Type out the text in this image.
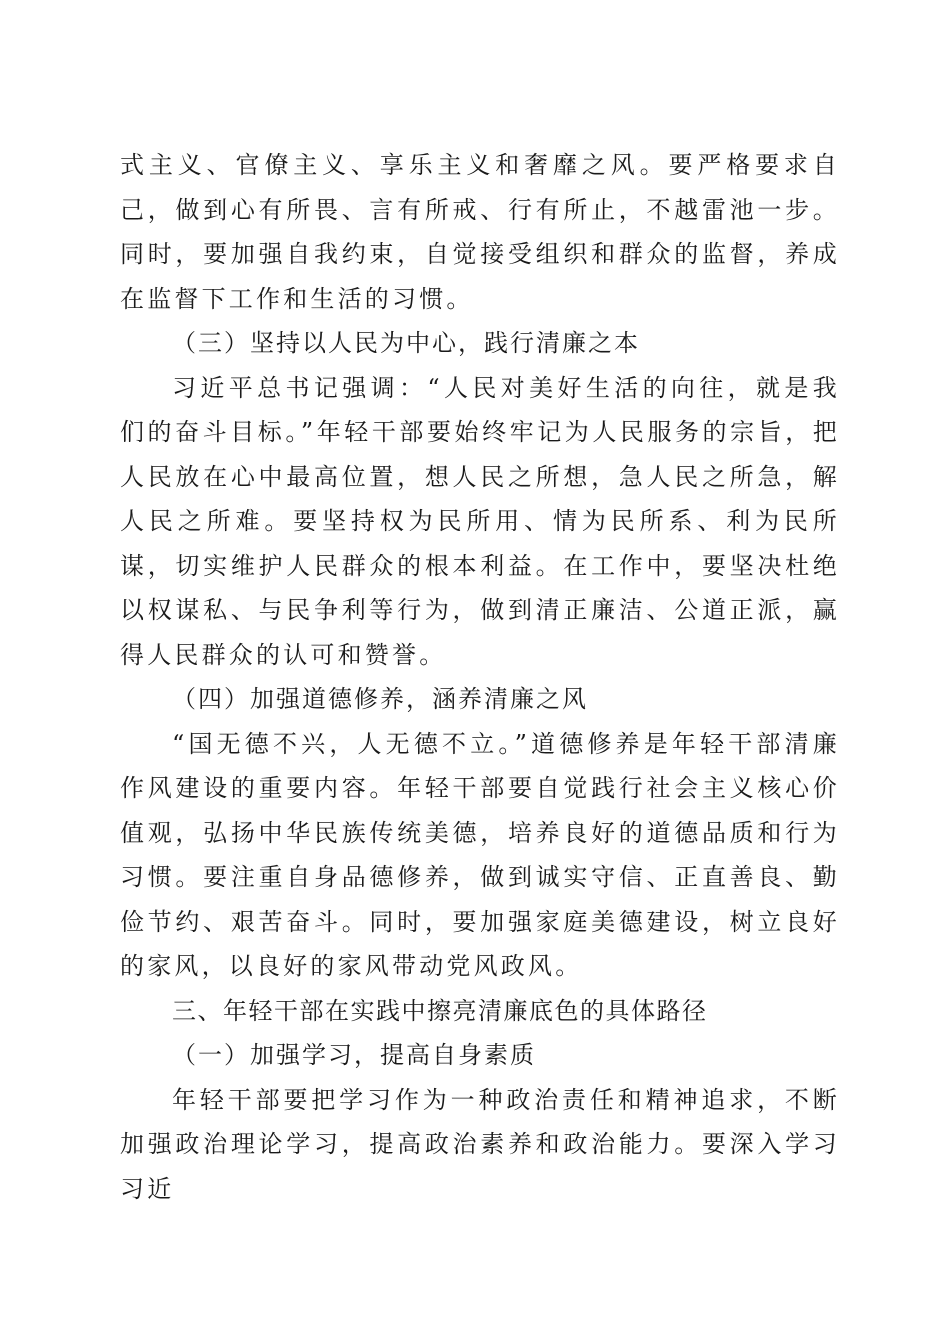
式主义、官僚主义、享乐主义和奢靡之风。要严格要求自己，做到心有所畏、言有所戒、行有所止，不越雷池一步。同时，要加强自我约束，自觉接受组织和群众的监督，养成在监督下工作和生活的习惯。

（三）坚持以人民为中心，践行清廉之本

习近平总书记强调：“人民对美好生活的向往，就是我们的奋斗目标。”年轻干部要始终牢记为人民服务的宗旨，把人民放在心中最高位置，想人民之所想，急人民之所急，解人民之所难。要坚持权为民所用、情为民所系、利为民所谋，切实维护人民群众的根本利益。在工作中，要坚决杜绝以权谋私、与民争利等行为，做到清正廉洁、公道正派，赢得人民群众的认可和赞誉。

（四）加强道德修养，涵养清廉之风

“国无德不兴，人无德不立。”道德修养是年轻干部清廉作风建设的重要内容。年轻干部要自觉践行社会主义核心价值观，弘扬中华民族传统美德，培养良好的道德品质和行为习惯。要注重自身品德修养，做到诚实守信、正直善良、勤俭节约、艰苦奋斗。同时，要加强家庭美德建设，树立良好的家风，以良好的家风带动党风政风。

三、年轻干部在实践中擦亮清廉底色的具体路径

（一）加强学习，提高自身素质

年轻干部要把学习作为一种政治责任和精神追求，不断加强政治理论学习，提高政治素养和政治能力。要深入学习习近
